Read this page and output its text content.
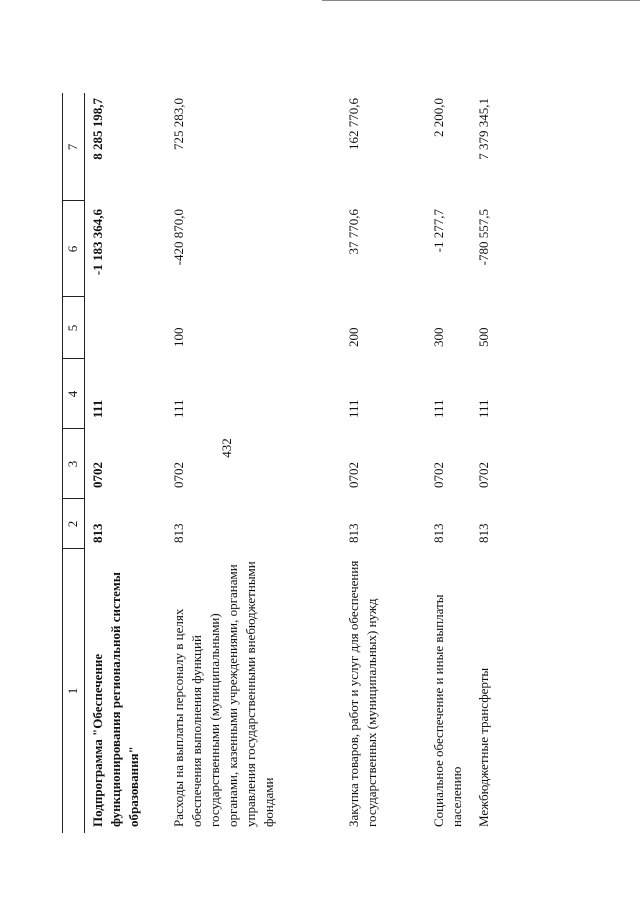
432
1
2
3
4
5
6
7
Подпрограмма "Обеспечение функционирования региональной системы образования"
813
0702
111
-1 183 364,6
8 285 198,7
Расходы на выплаты персоналу в целях обеспечения выполнения функций государственными (муниципальными) органами, казенными учреждениями, органами управления государственными внебюджетными фондами
813
0702
111
100
-420 870,0
725 283,0
Закупка товаров, работ и услуг для обеспечения государственных (муниципальных) нужд
813
0702
111
200
37 770,6
162 770,6
Социальное обеспечение и иные выплаты населению
813
0702
111
300
-1 277,7
2 200,0
Межбюджетные трансферты
813
0702
111
500
-780 557,5
7 379 345,1
